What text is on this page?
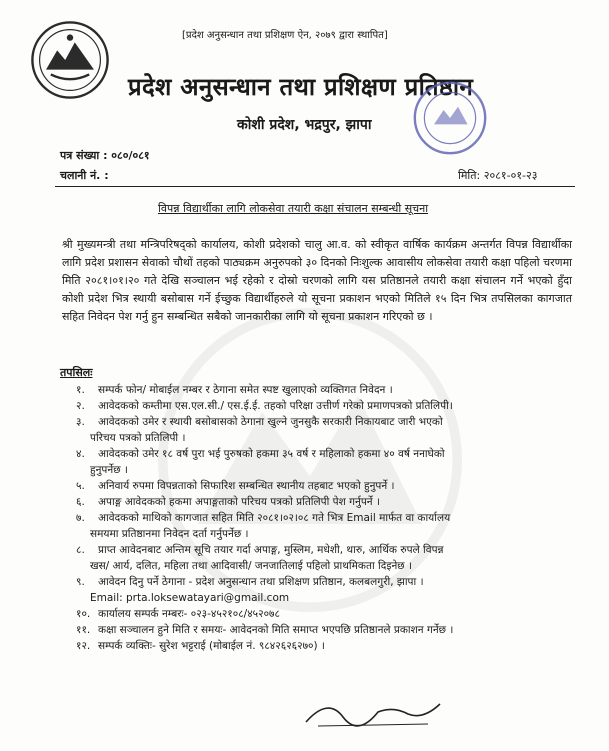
[प्रदेश अनुसन्धान तथा प्रशिक्षण ऐन, २०७९ द्वारा स्थापित]
प्रदेश अनुसन्धान तथा प्रशिक्षण प्रतिष्ठान
कोशी प्रदेश, भद्रपुर, झापा
पत्र संख्या : ०८०/०८१
चलानी नं. :	मिति: २०८१-०१-२३
विपन्न विद्यार्थीका लागि लोकसेवा तयारी कक्षा संचालन सम्बन्धी सूचना

श्री मुख्यमन्त्री तथा मन्त्रिपरिषद्को कार्यालय, कोशी प्रदेशको चालु आ.व. को स्वीकृत वार्षिक कार्यक्रम अन्तर्गत विपन्न विद्यार्थीका लागि प्रदेश प्रशासन सेवाको चौथों तहको पाठ्यक्रम अनुरुपको ३० दिनको निःशुल्क आवासीय लोकसेवा तयारी कक्षा पहिलो चरणमा मिति २०८१।०१।२० गते देखि सञ्चालन भई रहेको र दोस्रो चरणको लागि यस प्रतिष्ठानले तयारी कक्षा संचालन गर्ने भएको हुँदा कोशी प्रदेश भित्र स्थायी बसोबास गर्ने ईच्छुक विद्यार्थीहरुले यो सूचना प्रकाशन भएको मितिले १५ दिन भित्र तपसिलका कागजात सहित निवेदन पेश गर्नु हुन सम्बन्धित सबैको जानकारीका लागि यो सूचना प्रकाशन गरिएको छ ।

तपसिलः
१. सम्पर्क फोन/ मोबाईल नम्बर र ठेगाना समेत स्पष्ट खुलाएको व्यक्तिगत निवेदन ।
२. आवेदकको कम्तीमा एस.एल.सी./ एस.ई.ई. तहको परिक्षा उत्तीर्ण गरेको प्रमाणपत्रको प्रतिलिपी।
३. आवेदकको उमेर र स्थायी बसोबासको ठेगाना खुल्ने जुनसुकै सरकारी निकायबाट जारी भएको
परिचय पत्रको प्रतिलिपी ।
४. आवेदकको उमेर १८ वर्ष पुरा भई पुरुषको हकमा ३५ वर्ष र महिलाको हकमा ४० वर्ष ननाघेको
हुनुपर्नेछ ।
५. अनिवार्य रुपमा विपन्नताको सिफारिश सम्बन्धित स्थानीय तहबाट भएको हुनुपर्ने ।
६. अपाङ्ग आवेदकको हकमा अपाङ्गताको परिचय पत्रको प्रतिलिपी पेश गर्नुपर्ने ।
७. आवेदकको माथिको कागजात सहित मिति २०८१।०२।०८ गते भित्र Email मार्फत वा कार्यालय
समयमा प्रतिष्ठानमा निवेदन दर्ता गर्नुपर्नेछ ।
८. प्राप्त आवेदनबाट अन्तिम सूचि तयार गर्दा अपाङ्ग, मुस्लिम, मधेशी, थारु, आर्थिक रुपले विपन्न
खस/ आर्य, दलित, महिला तथा आदिवासी/ जनजातिलाई पहिलो प्राथमिकता दिइनेछ ।
९. आवेदन दिनु पर्ने ठेगाना - प्रदेश अनुसन्धान तथा प्रशिक्षण प्रतिष्ठान, कलबलगुरी, झापा ।
Email: prta.loksewatayari@gmail.com
१०. कार्यालय सम्पर्क नम्बरः- ०२३-४५२१०८/४५२०७८
११. कक्षा सञ्चालन हुने मिति र समयः- आवेदनको मिति समाप्त भएपछि प्रतिष्ठानले प्रकाशन गर्नेछ ।
१२. सम्पर्क व्यक्तिः- सुरेश भट्टराई (मोबाईल नं. ९८४२६२६२७०) ।
